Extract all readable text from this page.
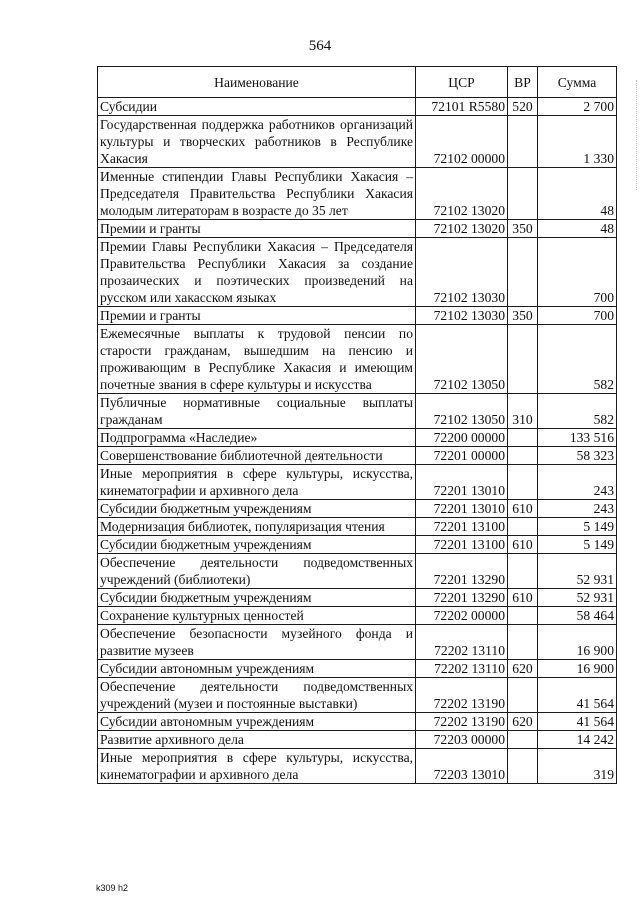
564
Наименование	ЦСР	ВР	Сумма
Субсидии	72101 R5580	520	2 700
Государственная поддержка работников организаций культуры и творческих работников в Республике Хакасия	72102 00000		1 330
Именные стипендии Главы Республики Хакасия – Председателя Правительства Республики Хакасия молодым литераторам в возрасте до 35 лет	72102 13020		48
Премии и гранты	72102 13020	350	48
Премии Главы Республики Хакасия – Председателя Правительства Республики Хакасия за создание прозаических и поэтических произведений на русском или хакасском языках	72102 13030		700
Премии и гранты	72102 13030	350	700
Ежемесячные выплаты к трудовой пенсии по старости гражданам, вышедшим на пенсию и проживающим в Республике Хакасия и имеющим почетные звания в сфере культуры и искусства	72102 13050		582
Публичные нормативные социальные выплаты гражданам	72102 13050	310	582
Подпрограмма «Наследие»	72200 00000		133 516
Совершенствование библиотечной деятельности	72201 00000		58 323
Иные мероприятия в сфере культуры, искусства, кинематографии и архивного дела	72201 13010		243
Субсидии бюджетным учреждениям	72201 13010	610	243
Модернизация библиотек, популяризация чтения	72201 13100		5 149
Субсидии бюджетным учреждениям	72201 13100	610	5 149
Обеспечение деятельности подведомственных учреждений (библиотеки)	72201 13290		52 931
Субсидии бюджетным учреждениям	72201 13290	610	52 931
Сохранение культурных ценностей	72202 00000		58 464
Обеспечение безопасности музейного фонда и развитие музеев	72202 13110		16 900
Субсидии автономным учреждениям	72202 13110	620	16 900
Обеспечение деятельности подведомственных учреждений (музеи и постоянные выставки)	72202 13190		41 564
Субсидии автономным учреждениям	72202 13190	620	41 564
Развитие архивного дела	72203 00000		14 242
Иные мероприятия в сфере культуры, искусства, кинематографии и архивного дела	72203 13010		319
k309 h2
